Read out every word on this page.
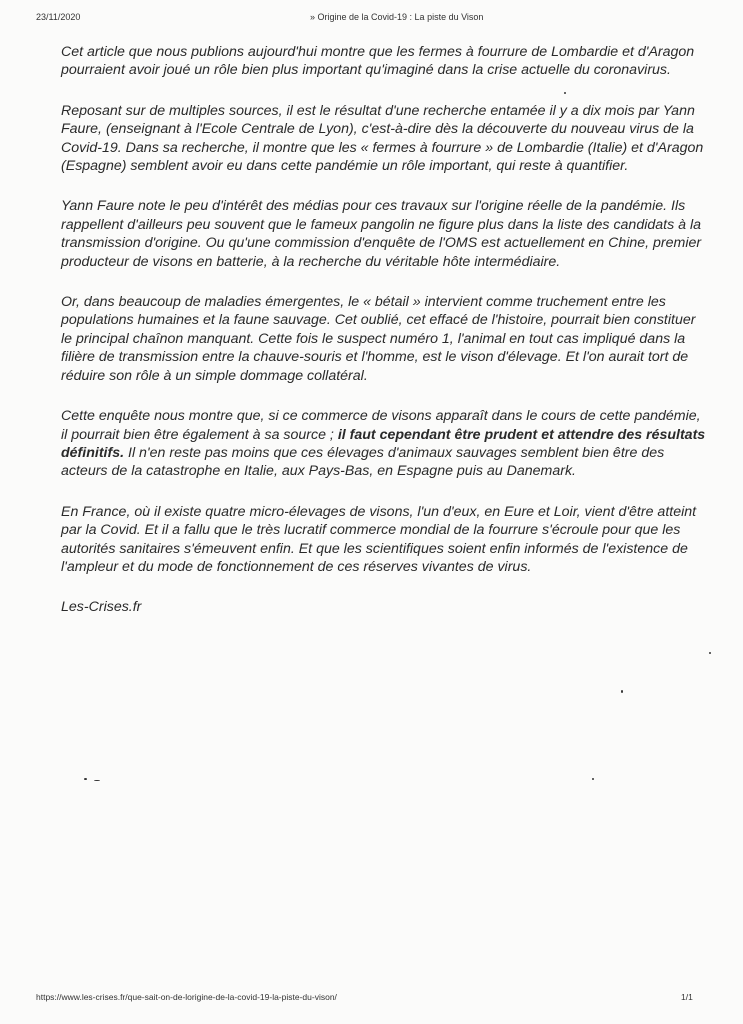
23/11/2020	» Origine de la Covid-19 : La piste du Vison

Cet article que nous publions aujourd'hui montre que les fermes à fourrure de Lombardie et d'Aragon pourraient avoir joué un rôle bien plus important qu'imaginé dans la crise actuelle du coronavirus.

Reposant sur de multiples sources, il est le résultat d'une recherche entamée il y a dix mois par Yann Faure, (enseignant à l'Ecole Centrale de Lyon), c'est-à-dire dès la découverte du nouveau virus de la Covid-19. Dans sa recherche, il montre que les « fermes à fourrure » de Lombardie (Italie) et d'Aragon (Espagne) semblent avoir eu dans cette pandémie un rôle important, qui reste à quantifier.

Yann Faure note le peu d'intérêt des médias pour ces travaux sur l'origine réelle de la pandémie. Ils rappellent d'ailleurs peu souvent que le fameux pangolin ne figure plus dans la liste des candidats à la transmission d'origine. Ou qu'une commission d'enquête de l'OMS est actuellement en Chine, premier producteur de visons en batterie, à la recherche du véritable hôte intermédiaire.

Or, dans beaucoup de maladies émergentes, le « bétail » intervient comme truchement entre les populations humaines et la faune sauvage. Cet oublié, cet effacé de l'histoire, pourrait bien constituer le principal chaînon manquant. Cette fois le suspect numéro 1, l'animal en tout cas impliqué dans la filière de transmission entre la chauve-souris et l'homme, est le vison d'élevage. Et l'on aurait tort de réduire son rôle à un simple dommage collatéral.

Cette enquête nous montre que, si ce commerce de visons apparaît dans le cours de cette pandémie, il pourrait bien être également à sa source ; il faut cependant être prudent et attendre des résultats définitifs. Il n'en reste pas moins que ces élevages d'animaux sauvages semblent bien être des acteurs de la catastrophe en Italie, aux Pays-Bas, en Espagne puis au Danemark.

En France, où il existe quatre micro-élevages de visons, l'un d'eux, en Eure et Loir, vient d'être atteint par la Covid. Et il a fallu que le très lucratif commerce mondial de la fourrure s'écroule pour que les autorités sanitaires s'émeuvent enfin. Et que les scientifiques soient enfin informés de l'existence de l'ampleur et du mode de fonctionnement de ces réserves vivantes de virus.

Les-Crises.fr
https://www.les-crises.fr/que-sait-on-de-lorigine-de-la-covid-19-la-piste-du-vison/	1/1
